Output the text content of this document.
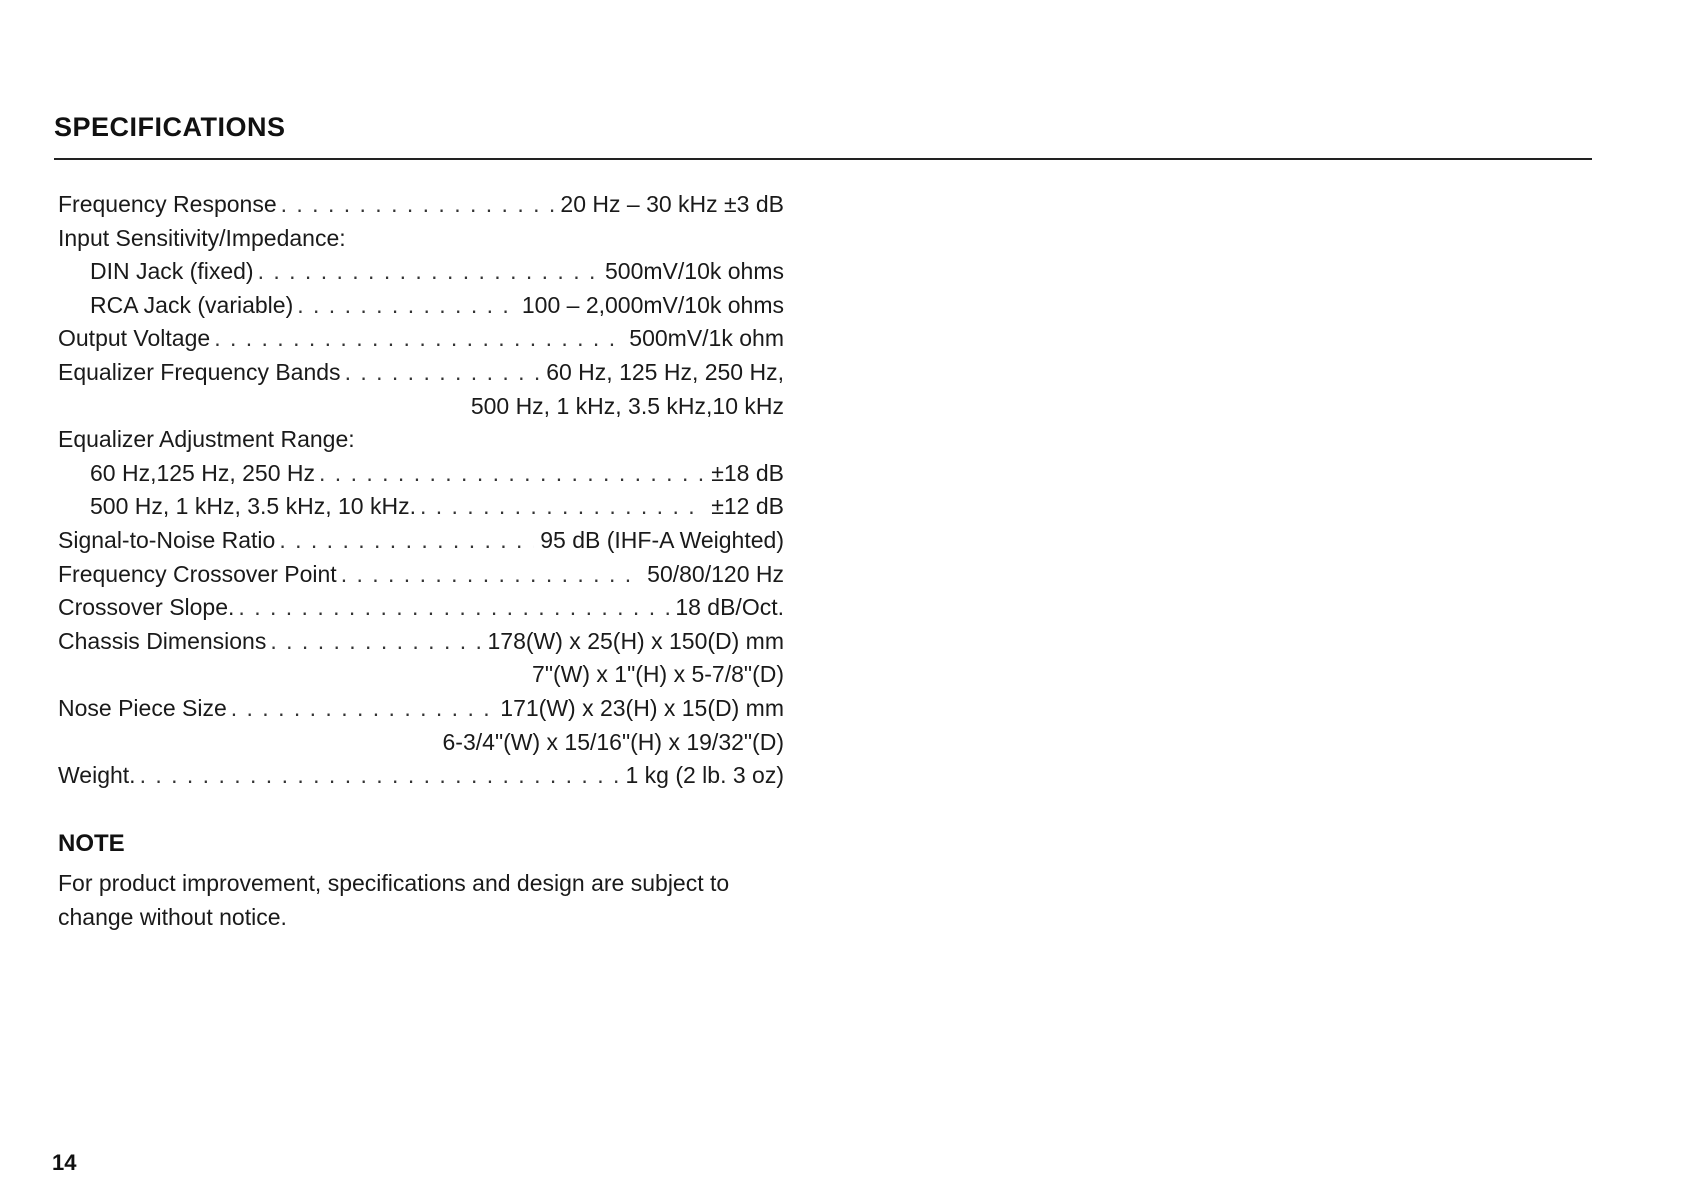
SPECIFICATIONS
Frequency Response . . .	20 Hz – 30 kHz ±3 dB
Input Sensitivity/Impedance:
DIN Jack (fixed) . . .	500mV/10k ohms
RCA Jack (variable) . . .	100 – 2,000mV/10k ohms
Output Voltage . . .	500mV/1k ohm
Equalizer Frequency Bands . . .	60 Hz, 125 Hz, 250 Hz,
500 Hz, 1 kHz, 3.5 kHz,10 kHz
Equalizer Adjustment Range:
60 Hz,125 Hz, 250 Hz . . .	±18 dB
500 Hz, 1 kHz, 3.5 kHz, 10 kHz. . . .	±12 dB
Signal-to-Noise Ratio . . .	95 dB (IHF-A Weighted)
Frequency Crossover Point . . .	50/80/120 Hz
Crossover Slope. . . .	18 dB/Oct.
Chassis Dimensions . . .	178(W) x 25(H) x 150(D) mm
7"(W) x 1"(H) x 5-7/8"(D)
Nose Piece Size . . .	171(W) x 23(H) x 15(D) mm
6-3/4"(W) x 15/16"(H) x 19/32"(D)
Weight. . . .	1 kg (2 lb. 3 oz)
NOTE

For product improvement, specifications and design are subject to change without notice.

14
